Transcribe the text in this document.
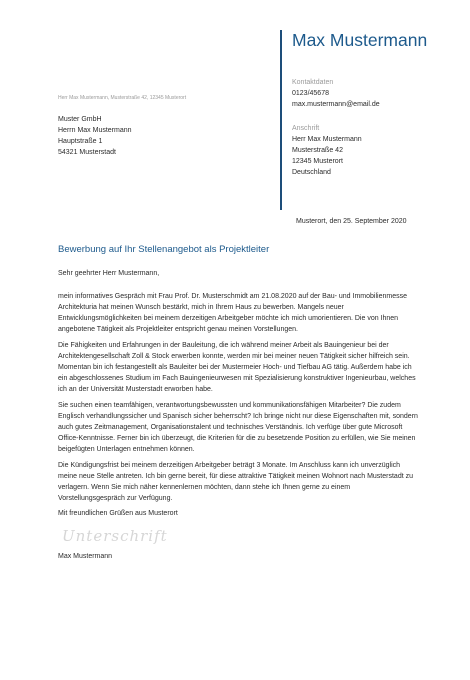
Max Mustermann
Kontaktdaten
0123/45678
max.mustermann@email.de
Anschrift
Herr Max Mustermann
Musterstraße 42
12345 Musterort
Deutschland
Herr Max Mustermann, Musterstraße 42, 12345 Musterort
Muster GmbH
Herrn Max Mustermann
Hauptstraße 1
54321 Musterstadt
Musterort, den 25. September 2020
Bewerbung auf Ihr Stellenangebot als Projektleiter

Sehr geehrter Herr Mustermann,

mein informatives Gespräch mit Frau Prof. Dr. Musterschmidt am 21.08.2020 auf der Bau- und Immobilienmesse Architekturia hat meinen Wunsch bestärkt, mich in Ihrem Haus zu bewerben. Mangels neuer Entwicklungsmöglichkeiten bei meinem derzeitigen Arbeitgeber möchte ich mich umorientieren. Die von Ihnen angebotene Tätigkeit als Projektleiter entspricht genau meinen Vorstellungen.

Die Fähigkeiten und Erfahrungen in der Bauleitung, die ich während meiner Arbeit als Bauingenieur bei der Architektengesellschaft Zoll & Stock erwerben konnte, werden mir bei meiner neuen Tätigkeit sicher hilfreich sein. Momentan bin ich festangestellt als Bauleiter bei der Mustermeier Hoch- und Tiefbau AG tätig. Außerdem habe ich ein abgeschlossenes Studium im Fach Bauingenieurwesen mit Spezialisierung konstruktiver Ingenieurbau, welches ich an der Universität Musterstadt erworben habe.

Sie suchen einen teamfähigen, verantwortungsbewussten und kommunikationsfähigen Mitarbeiter? Die zudem Englisch verhandlungssicher und Spanisch sicher beherrscht? Ich bringe nicht nur diese Eigenschaften mit, sondern auch gutes Zeitmanagement, Organisationstalent und technisches Verständnis. Ich verfüge über gute Microsoft Office-Kenntnisse. Ferner bin ich überzeugt, die Kriterien für die zu besetzende Position zu erfüllen, wie Sie meinen beigefügten Unterlagen entnehmen können.

Die Kündigungsfrist bei meinem derzeitigen Arbeitgeber beträgt 3 Monate. Im Anschluss kann ich unverzüglich meine neue Stelle antreten. Ich bin gerne bereit, für diese attraktive Tätigkeit meinen Wohnort nach Musterstadt zu verlagern. Wenn Sie mich näher kennenlernen möchten, dann stehe ich Ihnen gerne zu einem Vorstellungsgespräch zur Verfügung.

Mit freundlichen Grüßen aus Musterort

Unterschrift
Max Mustermann
